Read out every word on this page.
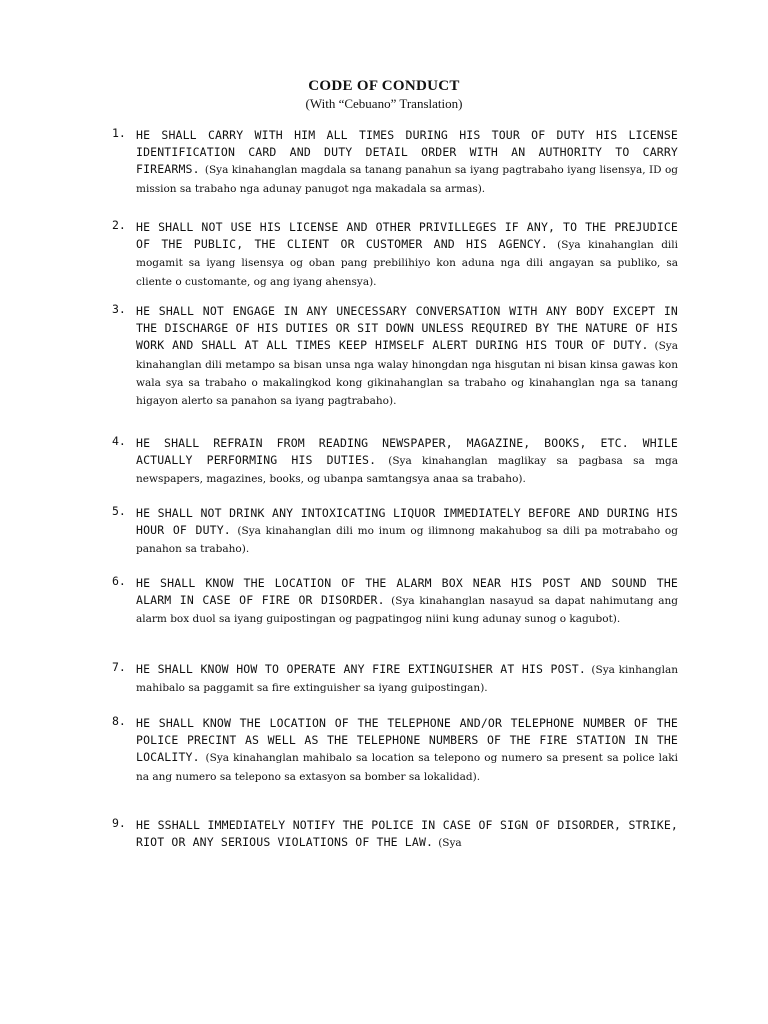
CODE OF CONDUCT

(With “Cebuano” Translation)

1. HE SHALL CARRY WITH HIM ALL TIMES DURING HIS TOUR OF DUTY HIS LICENSE IDENTIFICATION CARD AND DUTY DETAIL ORDER WITH AN AUTHORITY TO CARRY FIREARMS. (Sya kinahanglan magdala sa tanang panahun sa iyang pagtrabaho iyang lisensya, ID og mission sa trabaho nga adunay panugot nga makadala sa armas).

2. HE SHALL NOT USE HIS LICENSE AND OTHER PRIVILLEGES IF ANY, TO THE PREJUDICE OF THE PUBLIC, THE CLIENT OR CUSTOMER AND HIS AGENCY. (Sya kinahanglan dili mogamit sa iyang lisensya og oban pang prebilihiyo kon aduna nga dili angayan sa publiko, sa cliente o customante, og ang iyang ahensya).

3. HE SHALL NOT ENGAGE IN ANY UNECESSARY CONVERSATION WITH ANY BODY EXCEPT IN THE DISCHARGE OF HIS DUTIES OR SIT DOWN UNLESS REQUIRED BY THE NATURE OF HIS WORK AND SHALL AT ALL TIMES KEEP HIMSELF ALERT DURING HIS TOUR OF DUTY. (Sya kinahanglan dili metampo sa bisan unsa nga walay hinongdan nga hisgutan ni bisan kinsa gawas kon wala sya sa trabaho o makalingkod kong gikinahanglan sa trabaho og kinahanglan nga sa tanang higayon alerto sa panahon sa iyang pagtrabaho).

4. HE SHALL REFRAIN FROM READING NEWSPAPER, MAGAZINE, BOOKS, ETC. WHILE ACTUALLY PERFORMING HIS DUTIES. (Sya kinahanglan maglikay sa pagbasa sa mga newspapers, magazines, books, og ubanpa samtangsya anaa sa trabaho).

5. HE SHALL NOT DRINK ANY INTOXICATING LIQUOR IMMEDIATELY BEFORE AND DURING HIS HOUR OF DUTY. (Sya kinahanglan dili mo inum og ilimnong makahubog sa dili pa motrabaho og panahon sa trabaho).

6. HE SHALL KNOW THE LOCATION OF THE ALARM BOX NEAR HIS POST AND SOUND THE ALARM IN CASE OF FIRE OR DISORDER. (Sya kinahanglan nasayud sa dapat nahimutang ang alarm box duol sa iyang guipostingan og pagpatingog niini kung adunay sunog o kagubot).

7. HE SHALL KNOW HOW TO OPERATE ANY FIRE EXTINGUISHER AT HIS POST. (Sya kinhanglan mahibalo sa paggamit sa fire extinguisher sa iyang guipostingan).

8. HE SHALL KNOW THE LOCATION OF THE TELEPHONE AND/OR TELEPHONE NUMBER OF THE POLICE PRECINT AS WELL AS THE TELEPHONE NUMBERS OF THE FIRE STATION IN THE LOCALITY. (Sya kinahanglan mahibalo sa location sa telepono og numero sa present sa police laki na ang numero sa telepono sa extasyon sa bomber sa lokalidad).

9. HE SSHALL IMMEDIATELY NOTIFY THE POLICE IN CASE OF SIGN OF DISORDER, STRIKE, RIOT OR ANY SERIOUS VIOLATIONS OF THE LAW. (Sya
